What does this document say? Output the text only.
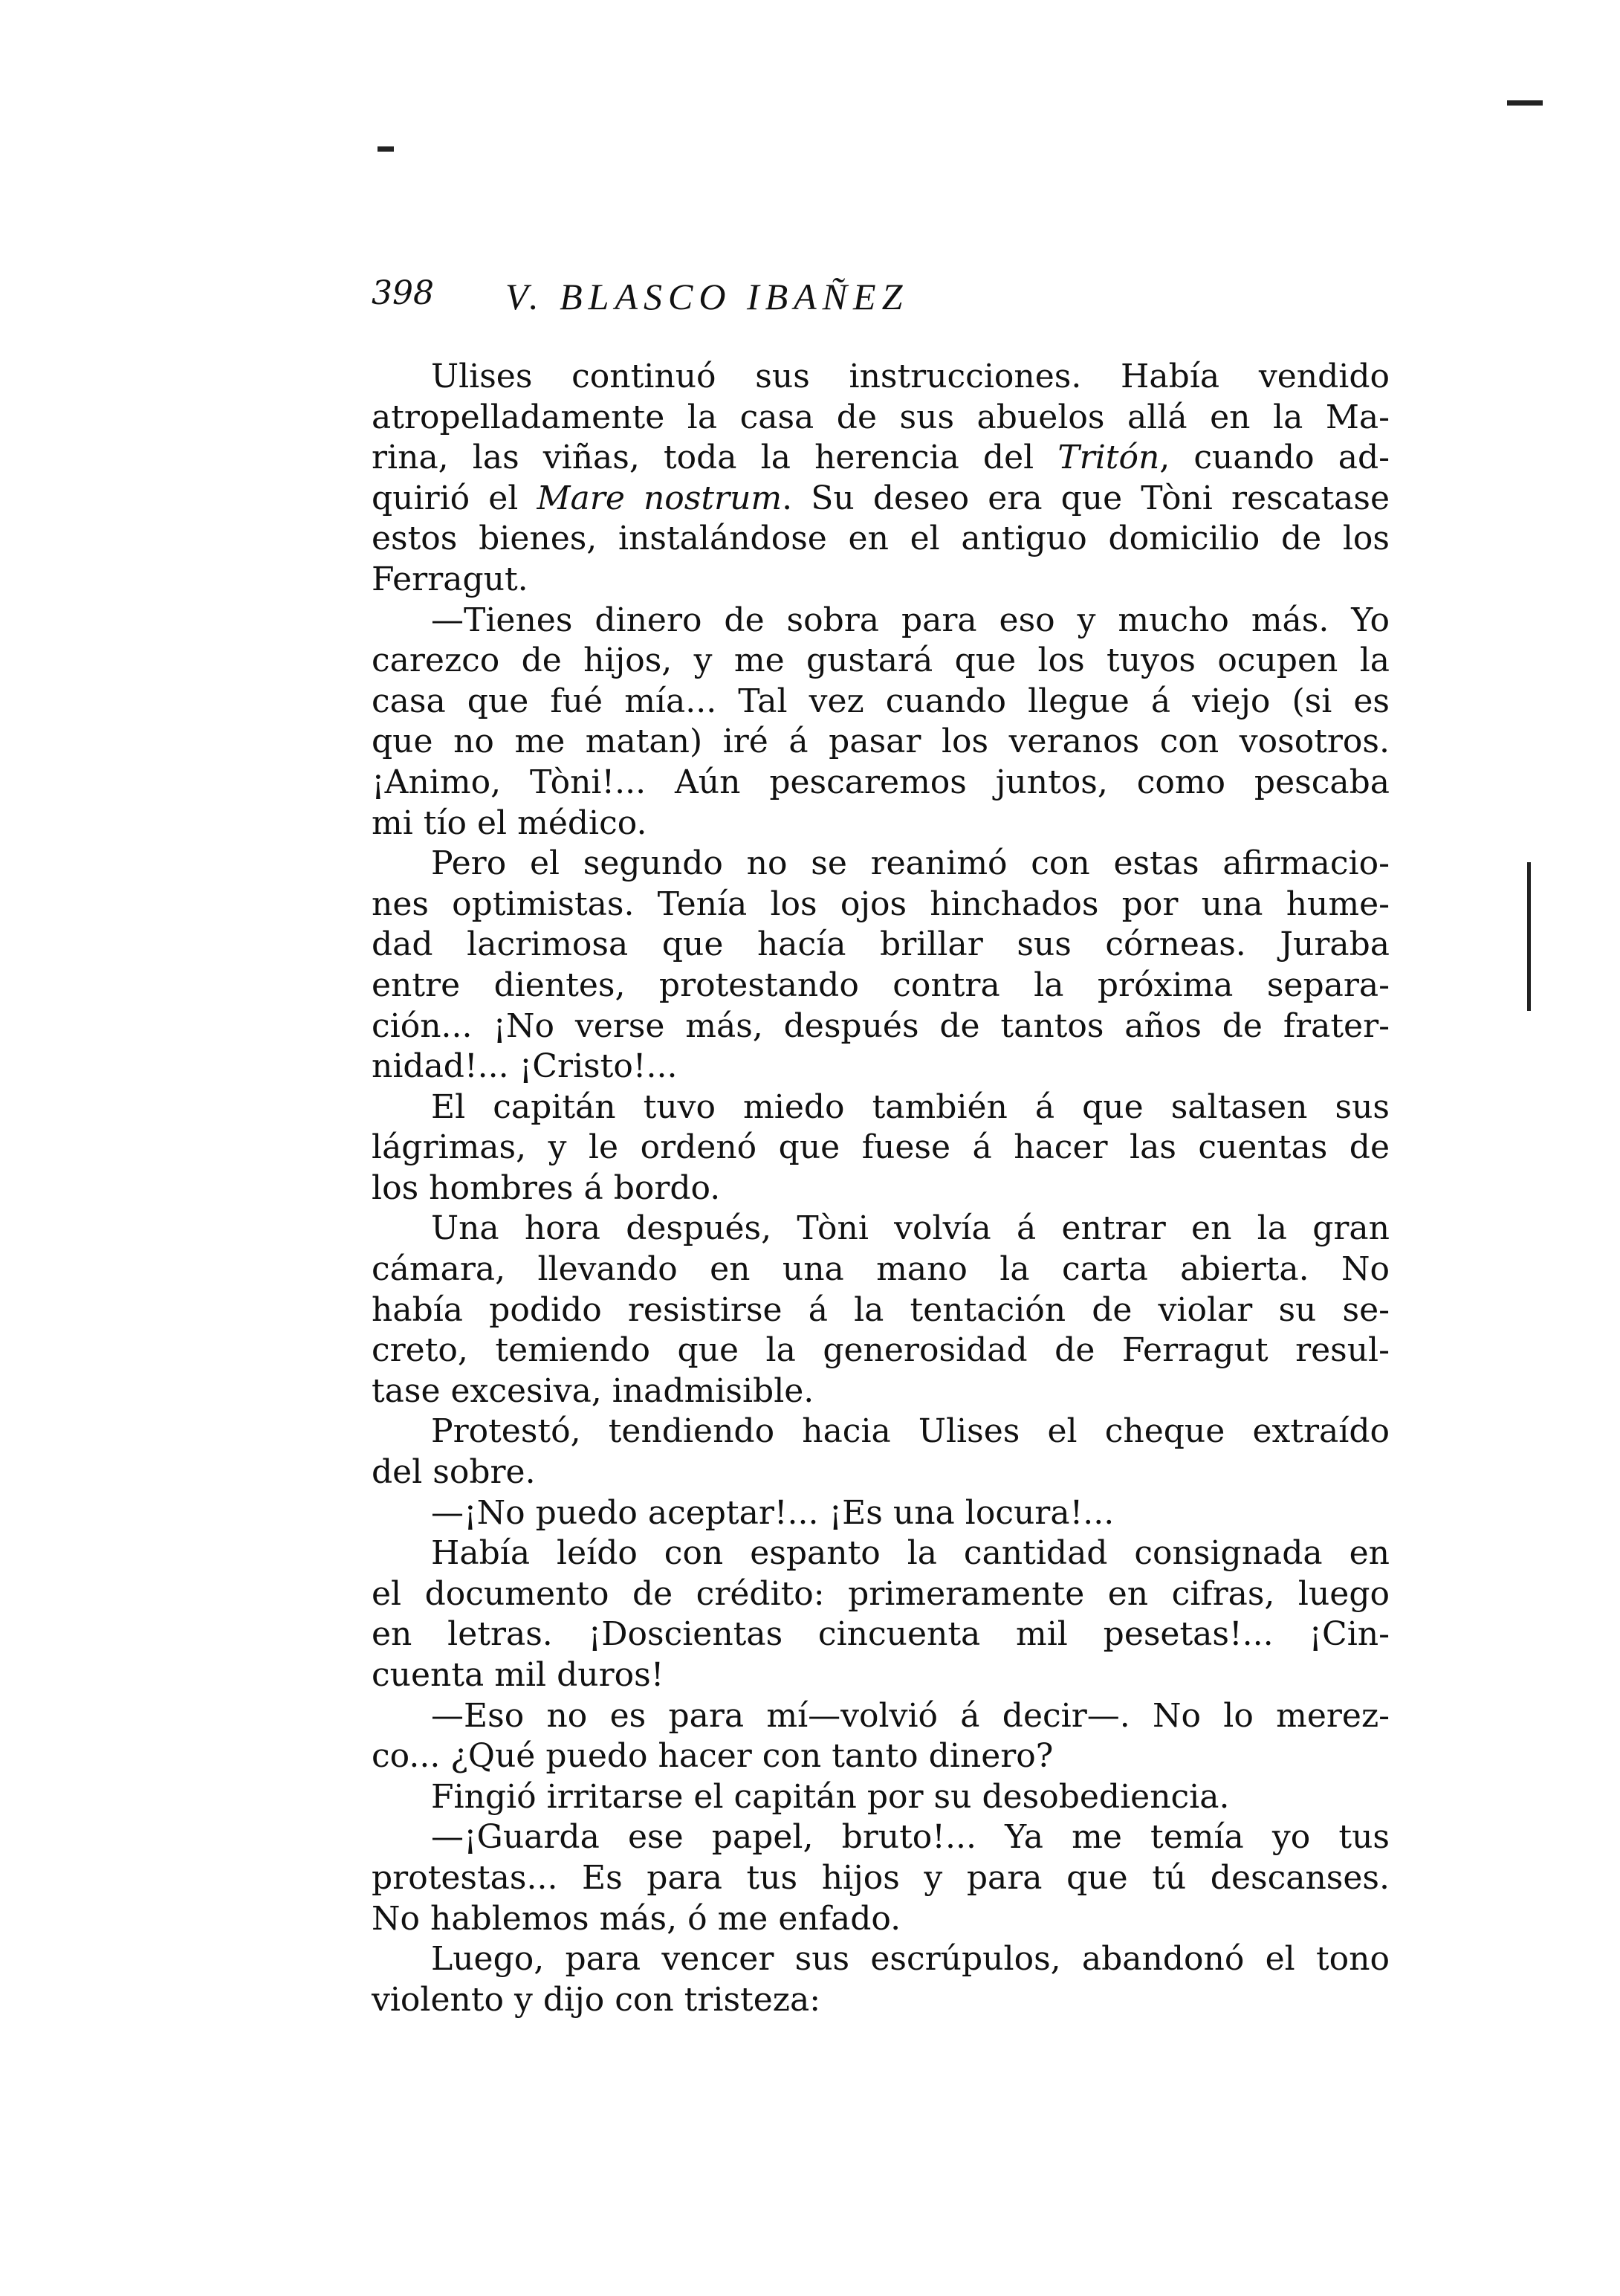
398 V. BLASCO IBAÑEZ
Ulises continuó sus instrucciones. Había vendido
atropelladamente la casa de sus abuelos allá en la Ma-
rina, las viñas, toda la herencia del Tritón, cuando ad-
quirió el Mare nostrum. Su deseo era que Tòni rescatase
estos bienes, instalándose en el antiguo domicilio de los
Ferragut.
—Tienes dinero de sobra para eso y mucho más. Yo
carezco de hijos, y me gustará que los tuyos ocupen la
casa que fué mía... Tal vez cuando llegue á viejo (si es
que no me matan) iré á pasar los veranos con vosotros.
¡Animo, Tòni!... Aún pescaremos juntos, como pescaba
mi tío el médico.
Pero el segundo no se reanimó con estas afirmacio-
nes optimistas. Tenía los ojos hinchados por una hume-
dad lacrimosa que hacía brillar sus córneas. Juraba
entre dientes, protestando contra la próxima separa-
ción... ¡No verse más, después de tantos años de frater-
nidad!... ¡Cristo!...
El capitán tuvo miedo también á que saltasen sus
lágrimas, y le ordenó que fuese á hacer las cuentas de
los hombres á bordo.
Una hora después, Tòni volvía á entrar en la gran
cámara, llevando en una mano la carta abierta. No
había podido resistirse á la tentación de violar su se-
creto, temiendo que la generosidad de Ferragut resul-
tase excesiva, inadmisible.
Protestó, tendiendo hacia Ulises el cheque extraído
del sobre.
—¡No puedo aceptar!... ¡Es una locura!...
Había leído con espanto la cantidad consignada en
el documento de crédito: primeramente en cifras, luego
en letras. ¡Doscientas cincuenta mil pesetas!... ¡Cin-
cuenta mil duros!
—Eso no es para mí—volvió á decir—. No lo merez-
co... ¿Qué puedo hacer con tanto dinero?
Fingió irritarse el capitán por su desobediencia.
—¡Guarda ese papel, bruto!... Ya me temía yo tus
protestas... Es para tus hijos y para que tú descanses.
No hablemos más, ó me enfado.
Luego, para vencer sus escrúpulos, abandonó el tono
violento y dijo con tristeza:
